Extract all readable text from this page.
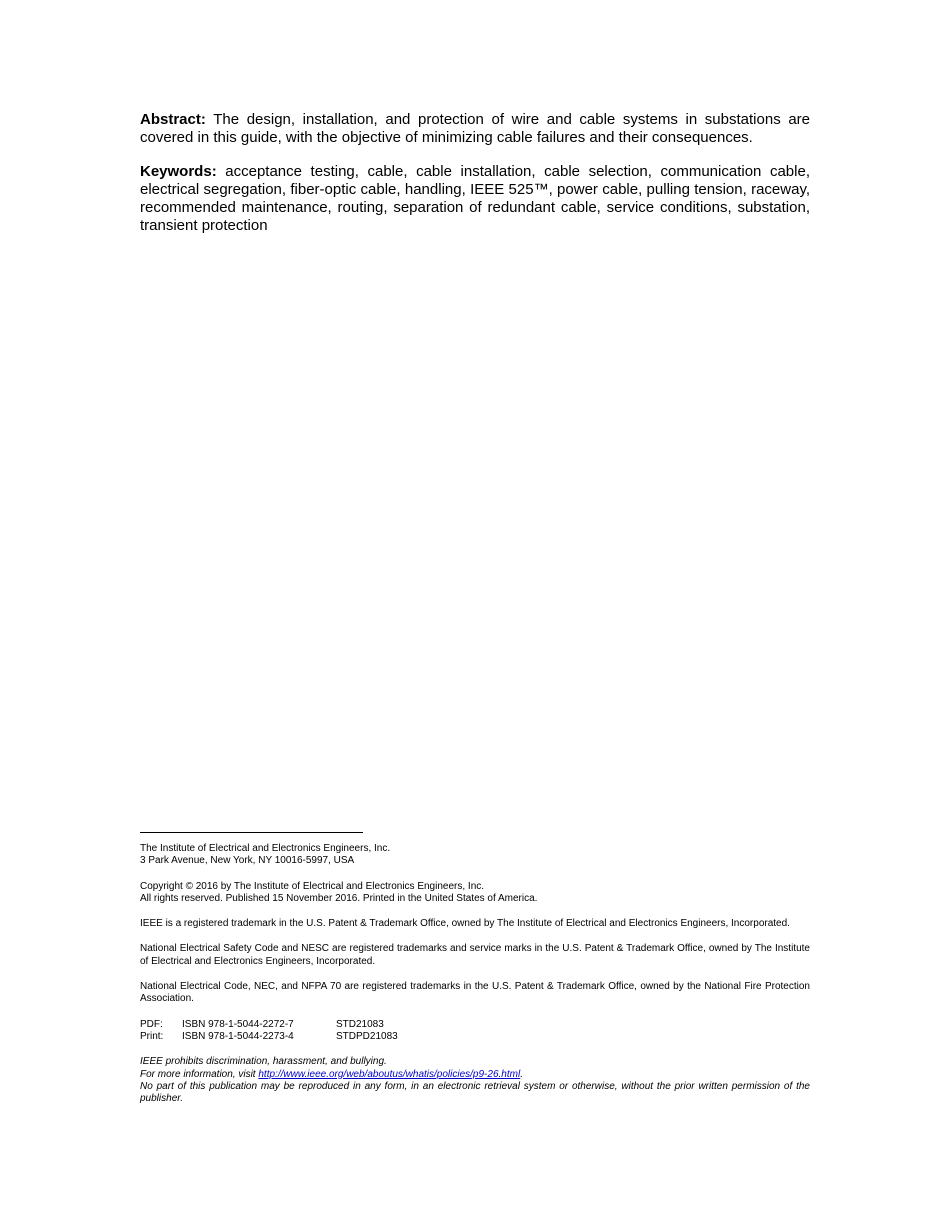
Abstract: The design, installation, and protection of wire and cable systems in substations are covered in this guide, with the objective of minimizing cable failures and their consequences.

Keywords: acceptance testing, cable, cable installation, cable selection, communication cable, electrical segregation, fiber-optic cable, handling, IEEE 525™, power cable, pulling tension, raceway, recommended maintenance, routing, separation of redundant cable, service conditions, substation, transient protection

The Institute of Electrical and Electronics Engineers, Inc.
3 Park Avenue, New York, NY 10016-5997, USA

Copyright © 2016 by The Institute of Electrical and Electronics Engineers, Inc.
All rights reserved. Published 15 November 2016. Printed in the United States of America.

IEEE is a registered trademark in the U.S. Patent & Trademark Office, owned by The Institute of Electrical and Electronics Engineers, Incorporated.

National Electrical Safety Code and NESC are registered trademarks and service marks in the U.S. Patent & Trademark Office, owned by The Institute of Electrical and Electronics Engineers, Incorporated.

National Electrical Code, NEC, and NFPA 70 are registered trademarks in the U.S. Patent & Trademark Office, owned by the National Fire Protection Association.

PDF:	ISBN 978-1-5044-2272-7	STD21083
Print:	ISBN 978-1-5044-2273-4	STDPD21083

IEEE prohibits discrimination, harassment, and bullying.
For more information, visit http://www.ieee.org/web/aboutus/whatis/policies/p9-26.html.
No part of this publication may be reproduced in any form, in an electronic retrieval system or otherwise, without the prior written permission of the publisher.
